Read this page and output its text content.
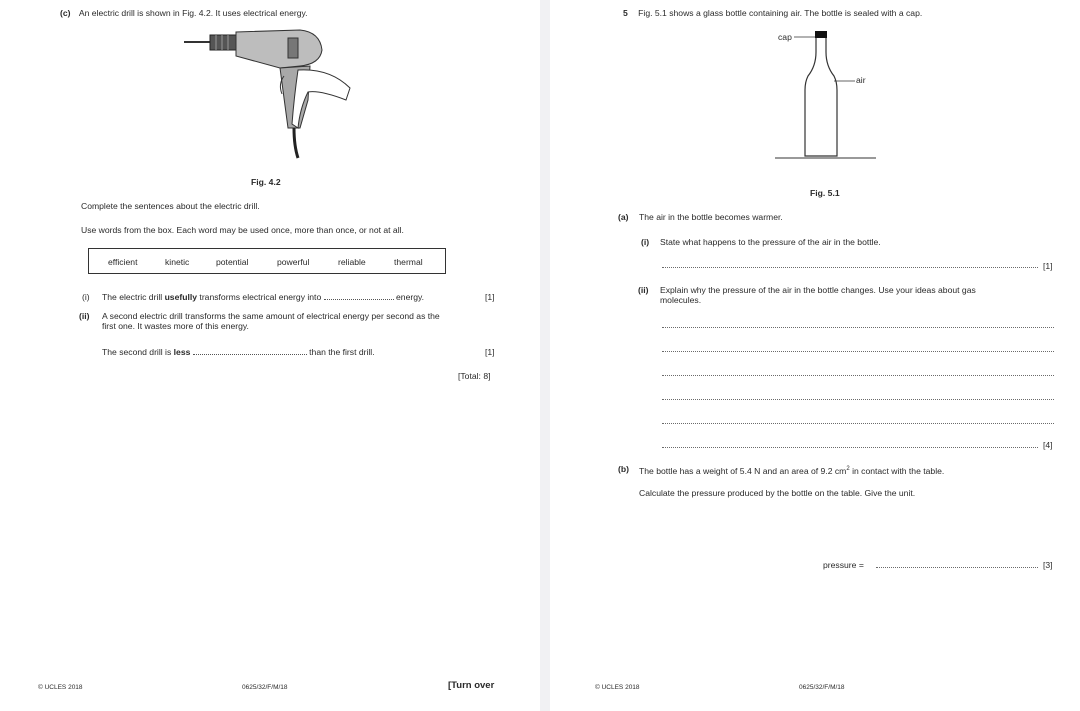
(c) An electric drill is shown in Fig. 4.2. It uses electrical energy.
Fig. 4.2
Complete the sentences about the electric drill.
Use words from the box. Each word may be used once, more than once, or not at all.
efficient	kinetic	potential	powerful	reliable	thermal
(i) The electric drill usefully transforms electrical energy into	energy.	[1]
(ii) A second electric drill transforms the same amount of electrical energy per second as the
first one. It wastes more of this energy.
The second drill is less	than the first drill.	[1]
[Total: 8]
© UCLES 2018	0625/32/F/M/18	[Turn over
5 Fig. 5.1 shows a glass bottle containing air. The bottle is sealed with a cap.
cap
air
Fig. 5.1
(a) The air in the bottle becomes warmer.
(i) State what happens to the pressure of the air in the bottle.
[1]
(ii) Explain why the pressure of the air in the bottle changes. Use your ideas about gas
molecules.
[4]
(b) The bottle has a weight of 5.4 N and an area of 9.2 $cm^2$ in contact with the table.
Calculate the pressure produced by the bottle on the table. Give the unit.
pressure =	[3]
© UCLES 2018	0625/32/F/M/18
